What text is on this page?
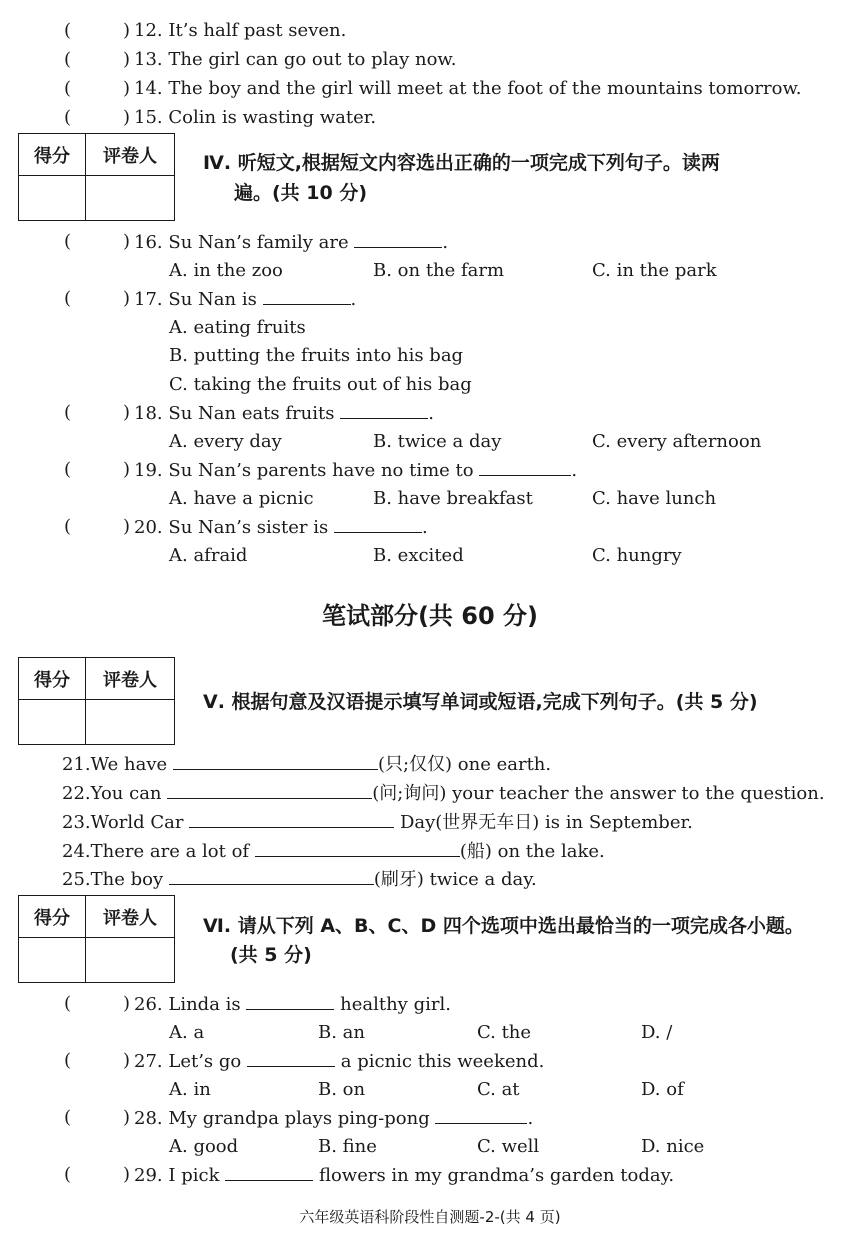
(	) 12. It’s half past seven.
(	) 13. The girl can go out to play now.
(	) 14. The boy and the girl will meet at the foot of the mountains tomorrow.
(	) 15. Colin is wasting water.
得分	评卷人
	Ⅳ. 听短文,根据短文内容选出正确的一项完成下列句子。读两
遍。(共 10 分)
(	) 16. Su Nan’s family are	.
A. in the zoo	B. on the farm	C. in the park
(	) 17. Su Nan is	.
A. eating fruits
B. putting the fruits into his bag
C. taking the fruits out of his bag
(	) 18. Su Nan eats fruits	.
A. every day	B. twice a day	C. every afternoon
(	) 19. Su Nan’s parents have no time to	.
A. have a picnic	B. have breakfast	C. have lunch
(	) 20. Su Nan’s sister is	.
A. afraid	B. excited	C. hungry
笔试部分(共 60 分)
得分	评卷人

Ⅴ. 根据句意及汉语提示填写单词或短语,完成下列句子。(共 5 分)
21.We have	(只;仅仅) one earth.
22.You can	(问;询问) your teacher the answer to the question.
23.World Car	Day(世界无车日) is in September.
24.There are a lot of	(船) on the lake.
25.The boy	(刷牙) twice a day.
得分	评卷人
	Ⅵ. 请从下列 A、B、C、D 四个选项中选出最恰当的一项完成各小题。
(共 5 分)
(	) 26. Linda is	healthy girl.
A. a	B. an	C. the	D. /
(	) 27. Let’s go	a picnic this weekend.
A. in	B. on	C. at	D. of
(	) 28. My grandpa plays ping-pong	.
A. good	B. fine	C. well	D. nice
(	) 29. I pick	flowers in my grandma’s garden today.
六年级英语科阶段性自测题-2-(共 4 页)
